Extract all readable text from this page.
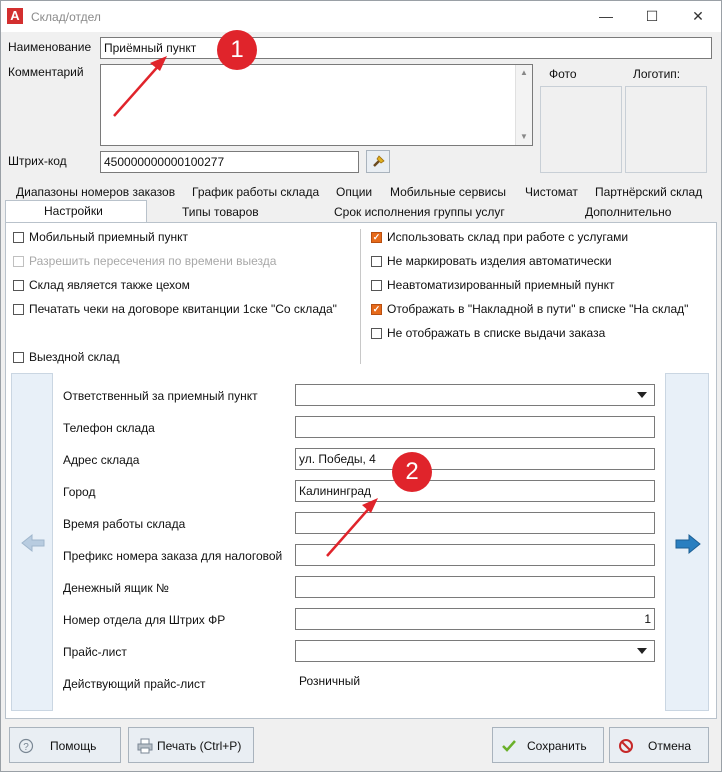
A Склад/отдел	—	☐	✕
Наименование	Приёмный пункт
Комментарий	▲
▼
Фото	Логотип:
Штрих-код	450000000000100277
Диапазоны номеров заказов График работы склада Опции Мобильные сервисы Чистомат Партнёрский склад
Настройки	Типы товаров	Срок исполнения группы услуг	Дополнительно
Мобильный приемный пункт
Разрешить пересечения по времени выезда
Склад является также цехом
Печатать чеки на договоре квитанции 1cке "Со склада"
Выездной склад
✓ Использовать склад при работе с услугами
Не маркировать изделия автоматически
Неавтоматизированный приемный пункт
✓ Отображать в "Накладной в пути" в списке "На склад"
Не отображать в списке выдачи заказа
Ответственный за приемный пункт
Телефон склада
Адрес склада	ул. Победы, 4
Город	Калининград
Время работы склада
Префикс номера заказа для налоговой
Денежный ящик №
Номер отдела для Штрих ФР	1
Прайс-лист
Действующий прайс-лист	Розничный
? Помощь	Печать (Ctrl+P)	Сохранить	Отмена
1
2
